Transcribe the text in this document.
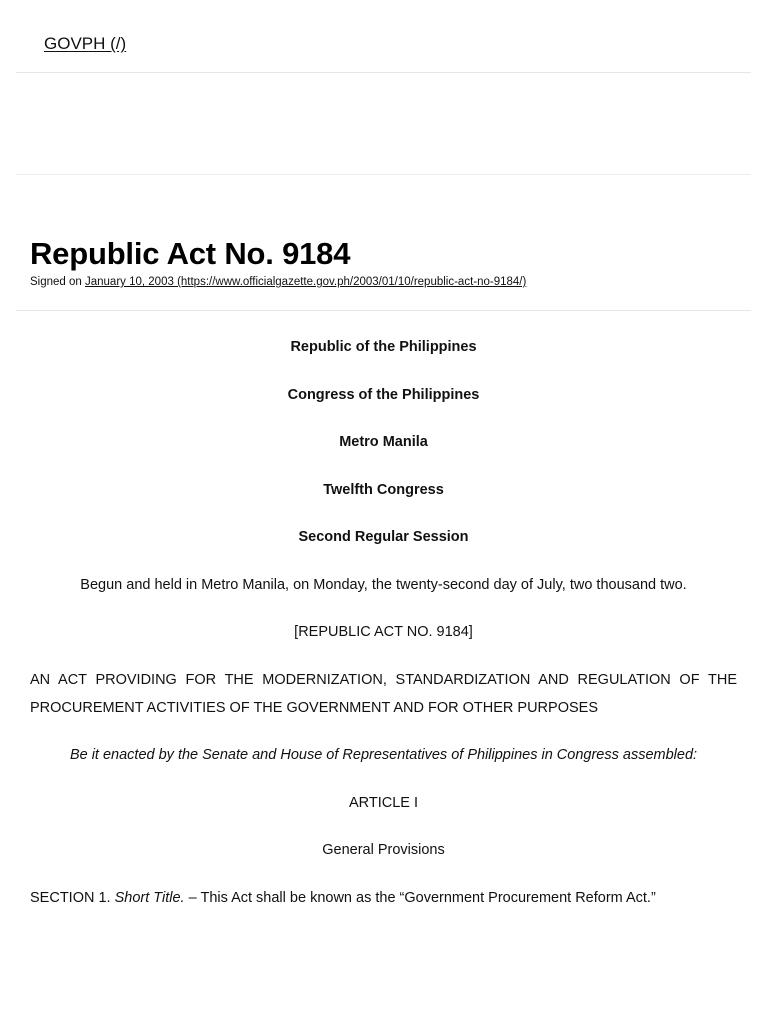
GOVPH (/)
Republic Act No. 9184
Signed on January 10, 2003 (https://www.officialgazette.gov.ph/2003/01/10/republic-act-no-9184/)

Republic of the Philippines

Congress of the Philippines

Metro Manila

Twelfth Congress

Second Regular Session

Begun and held in Metro Manila, on Monday, the twenty-second day of July, two thousand two.

[REPUBLIC ACT NO. 9184]

AN ACT PROVIDING FOR THE MODERNIZATION, STANDARDIZATION AND REGULATION OF THE PROCUREMENT ACTIVITIES OF THE GOVERNMENT AND FOR OTHER PURPOSES

Be it enacted by the Senate and House of Representatives of Philippines in Congress assembled:

ARTICLE I

General Provisions

SECTION 1. Short Title. – This Act shall be known as the “Government Procurement Reform Act.”
